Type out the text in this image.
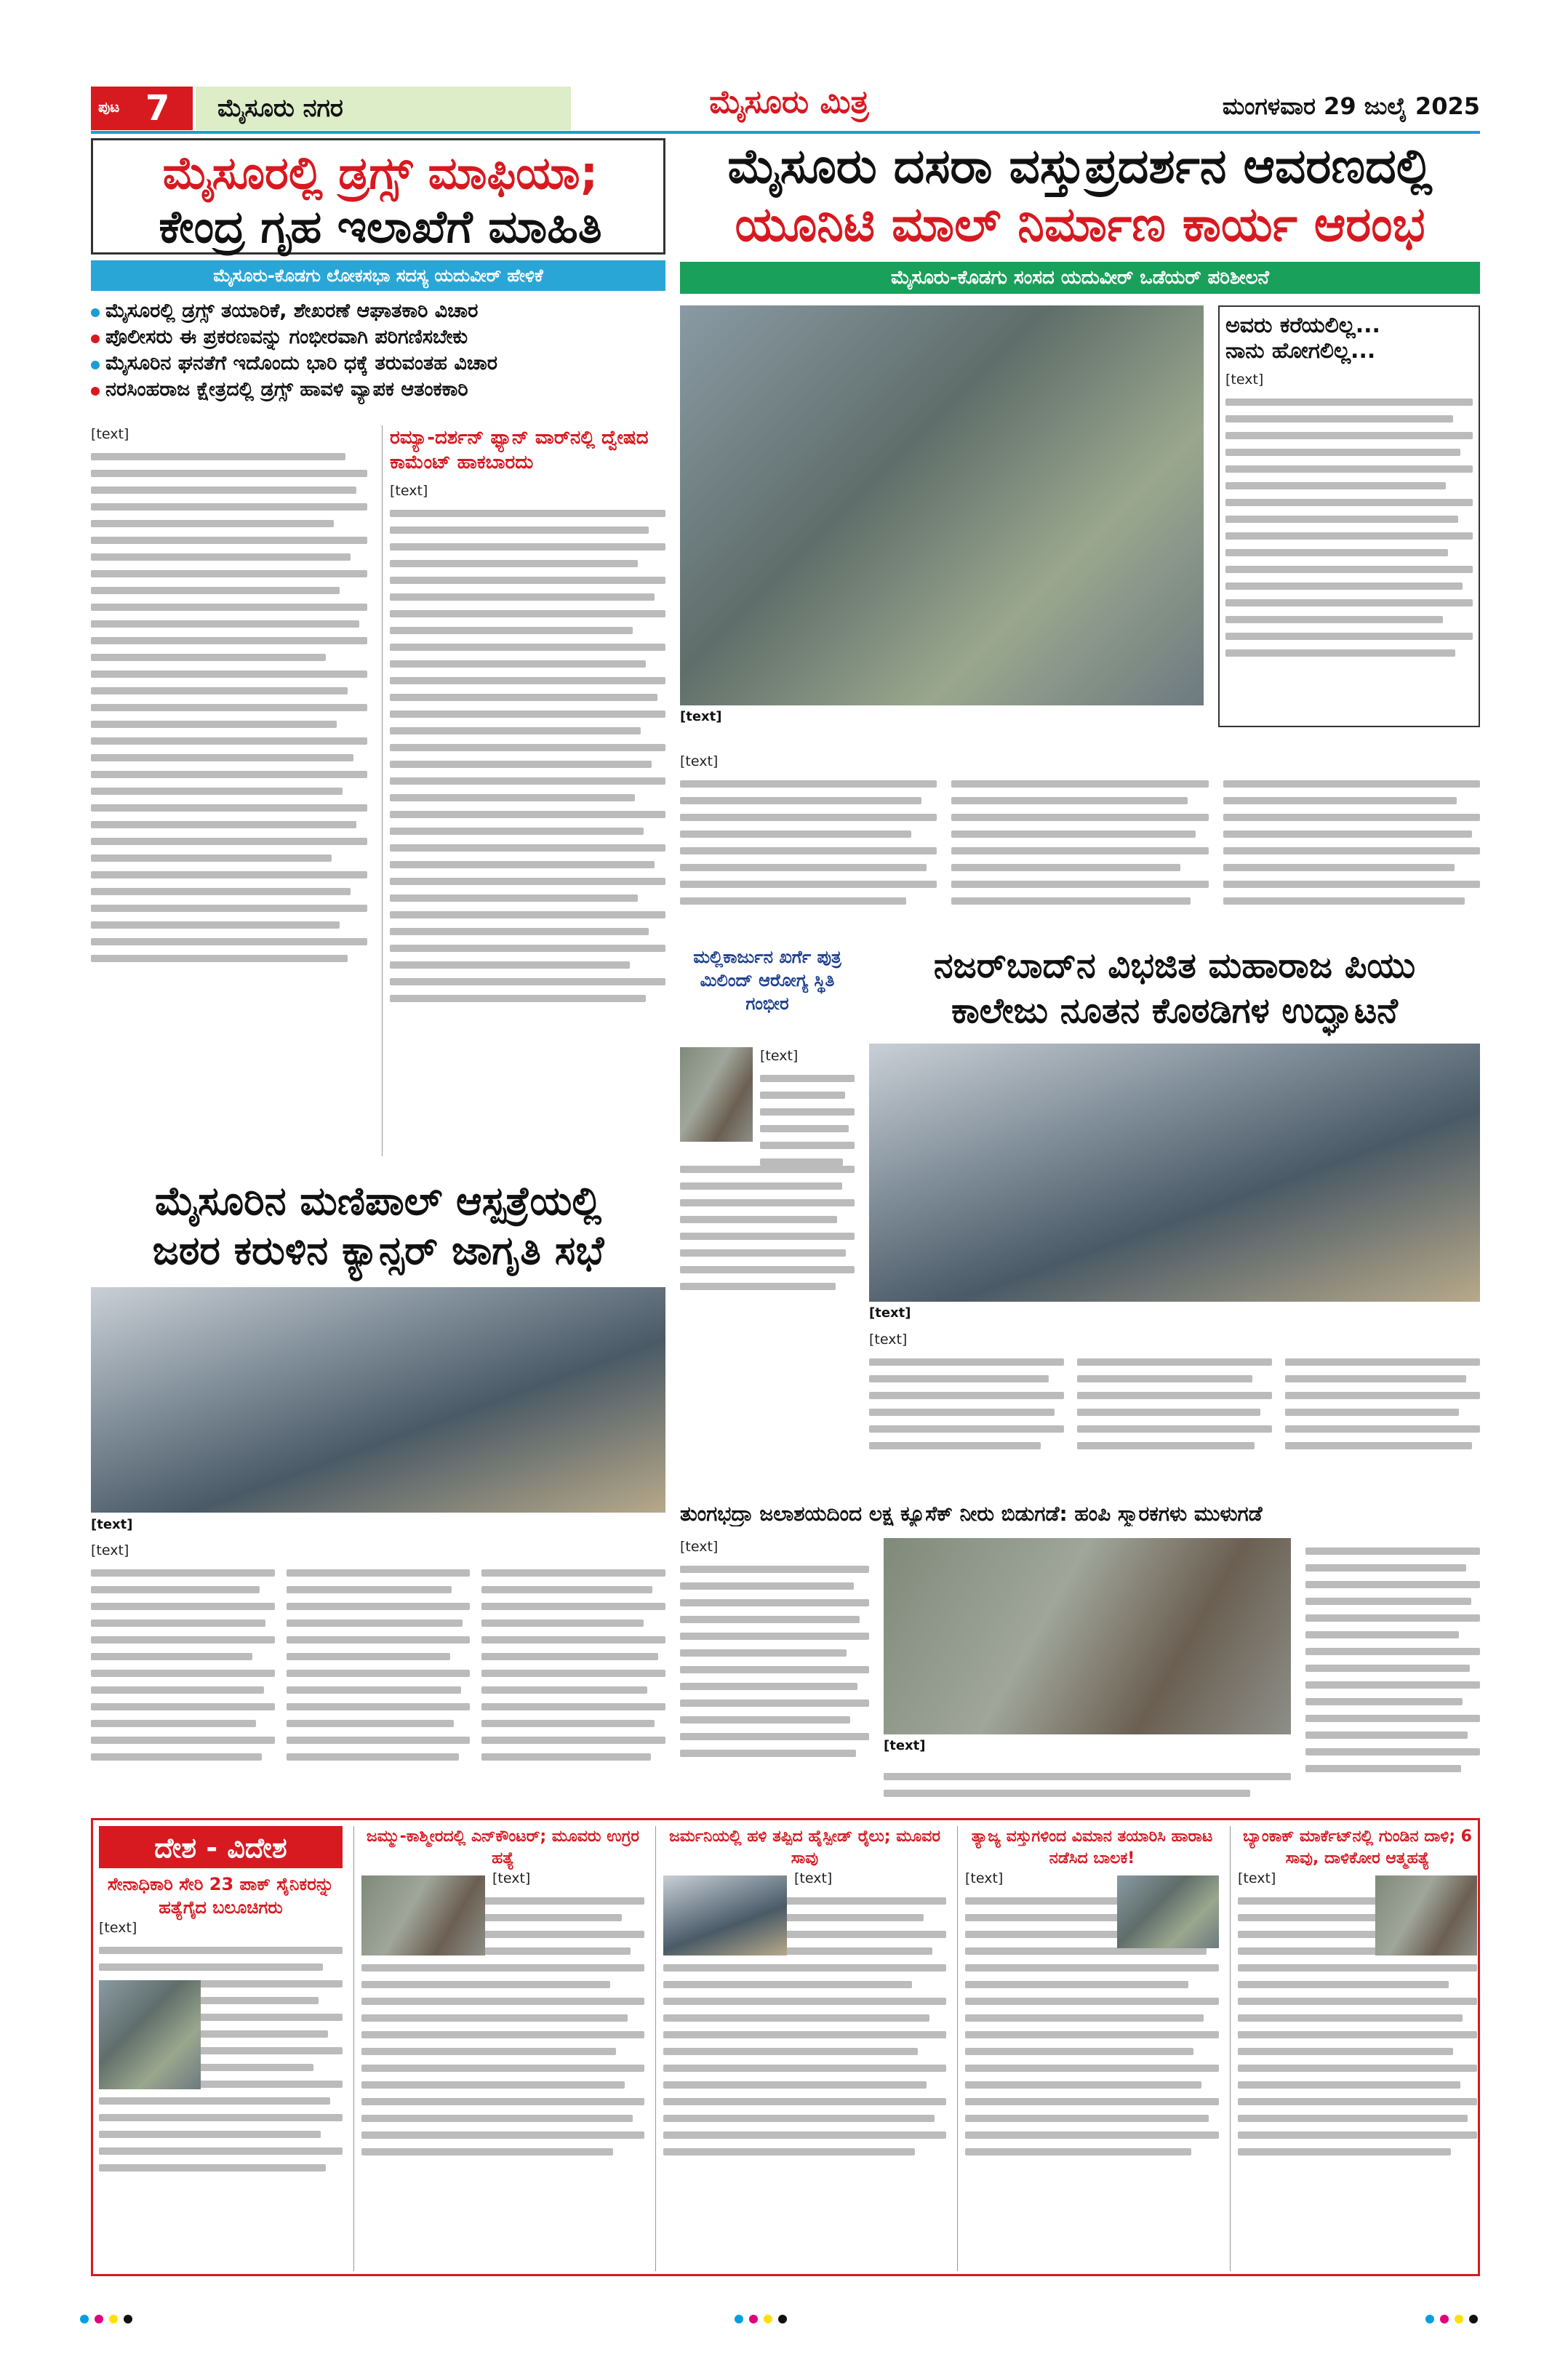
ಪುಟ 7 ಮೈಸೂರು ನಗರ	ಮೈಸೂರು ಮಿತ್ರ	ಮಂಗಳವಾರ 29 ಜುಲೈ 2025
ಮೈಸೂರಲ್ಲಿ ಡ್ರಗ್ಸ್ ಮಾಫಿಯಾ;
ಕೇಂದ್ರ ಗೃಹ ಇಲಾಖೆಗೆ ಮಾಹಿತಿ
ಮೈಸೂರು-ಕೊಡಗು ಲೋಕಸಭಾ ಸದಸ್ಯ ಯದುವೀರ್ ಹೇಳಿಕೆ
ಮೈಸೂರಲ್ಲಿ ಡ್ರಗ್ಸ್ ತಯಾರಿಕೆ, ಶೇಖರಣೆ ಆಘಾತಕಾರಿ ವಿಚಾರ
ಪೊಲೀಸರು ಈ ಪ್ರಕರಣವನ್ನು ಗಂಭೀರವಾಗಿ ಪರಿಗಣಿಸಬೇಕು
ಮೈಸೂರಿನ ಘನತೆಗೆ ಇದೊಂದು ಭಾರಿ ಧಕ್ಕೆ ತರುವಂತಹ ವಿಚಾರ
ನರಸಿಂಹರಾಜ ಕ್ಷೇತ್ರದಲ್ಲಿ ಡ್ರಗ್ಸ್ ಹಾವಳಿ ವ್ಯಾಪಕ ಆತಂಕಕಾರಿ
[text]	ರಮ್ಯಾ-ದರ್ಶನ್ ಫ್ಯಾನ್ ವಾರ್‌ನಲ್ಲಿ ದ್ವೇಷದ ಕಾಮೆಂಟ್ ಹಾಕಬಾರದು
[text]
ಮೈಸೂರು ದಸರಾ ವಸ್ತುಪ್ರದರ್ಶನ ಆವರಣದಲ್ಲಿ
ಯೂನಿಟಿ ಮಾಲ್ ನಿರ್ಮಾಣ ಕಾರ್ಯ ಆರಂಭ
ಮೈಸೂರು-ಕೊಡಗು ಸಂಸದ ಯದುವೀರ್ ಒಡೆಯರ್ ಪರಿಶೀಲನೆ
[text]
ಅವರು ಕರೆಯಲಿಲ್ಲ...
ನಾನು ಹೋಗಲಿಲ್ಲ...
[text]
[text]
ಮಲ್ಲಿಕಾರ್ಜುನ ಖರ್ಗೆ ಪುತ್ರ ಮಿಲಿಂದ್ ಆರೋಗ್ಯ ಸ್ಥಿತಿ ಗಂಭೀರ
[text]
ನಜರ್‌ಬಾದ್‌ನ ವಿಭಜಿತ ಮಹಾರಾಜ ಪಿಯು
ಕಾಲೇಜು ನೂತನ ಕೊಠಡಿಗಳ ಉದ್ಘಾಟನೆ
[text]
[text]
ಮೈಸೂರಿನ ಮಣಿಪಾಲ್ ಆಸ್ಪತ್ರೆಯಲ್ಲಿ
ಜಠರ ಕರುಳಿನ ಕ್ಯಾನ್ಸರ್ ಜಾಗೃತಿ ಸಭೆ
[text]
[text]
ತುಂಗಭದ್ರಾ ಜಲಾಶಯದಿಂದ ಲಕ್ಷ ಕ್ಯೂಸೆಕ್ ನೀರು ಬಿಡುಗಡೆ: ಹಂಪಿ ಸ್ಮಾರಕಗಳು ಮುಳುಗಡೆ
[text]
[text]
ದೇಶ - ವಿದೇಶ
ಸೇನಾಧಿಕಾರಿ ಸೇರಿ 23 ಪಾಕ್ ಸೈನಿಕರನ್ನು ಹತ್ಯೆಗೈದ ಬಲೂಚಿಗರು
[text]
ಜಮ್ಮು-ಕಾಶ್ಮೀರದಲ್ಲಿ ಎನ್‌ಕೌಂಟರ್; ಮೂವರು ಉಗ್ರರ ಹತ್ಯೆ
[text]
ಜರ್ಮನಿಯಲ್ಲಿ ಹಳಿ ತಪ್ಪಿದ ಹೈಸ್ಪೀಡ್ ರೈಲು; ಮೂವರ ಸಾವು
[text]
ತ್ಯಾಜ್ಯ ವಸ್ತುಗಳಿಂದ ವಿಮಾನ ತಯಾರಿಸಿ ಹಾರಾಟ ನಡೆಸಿದ ಬಾಲಕ!
[text]
ಬ್ಯಾಂಕಾಕ್ ಮಾರ್ಕೆಟ್‌ನಲ್ಲಿ ಗುಂಡಿನ ದಾಳಿ; 6 ಸಾವು, ದಾಳಿಕೋರ ಆತ್ಮಹತ್ಯೆ
[text]
